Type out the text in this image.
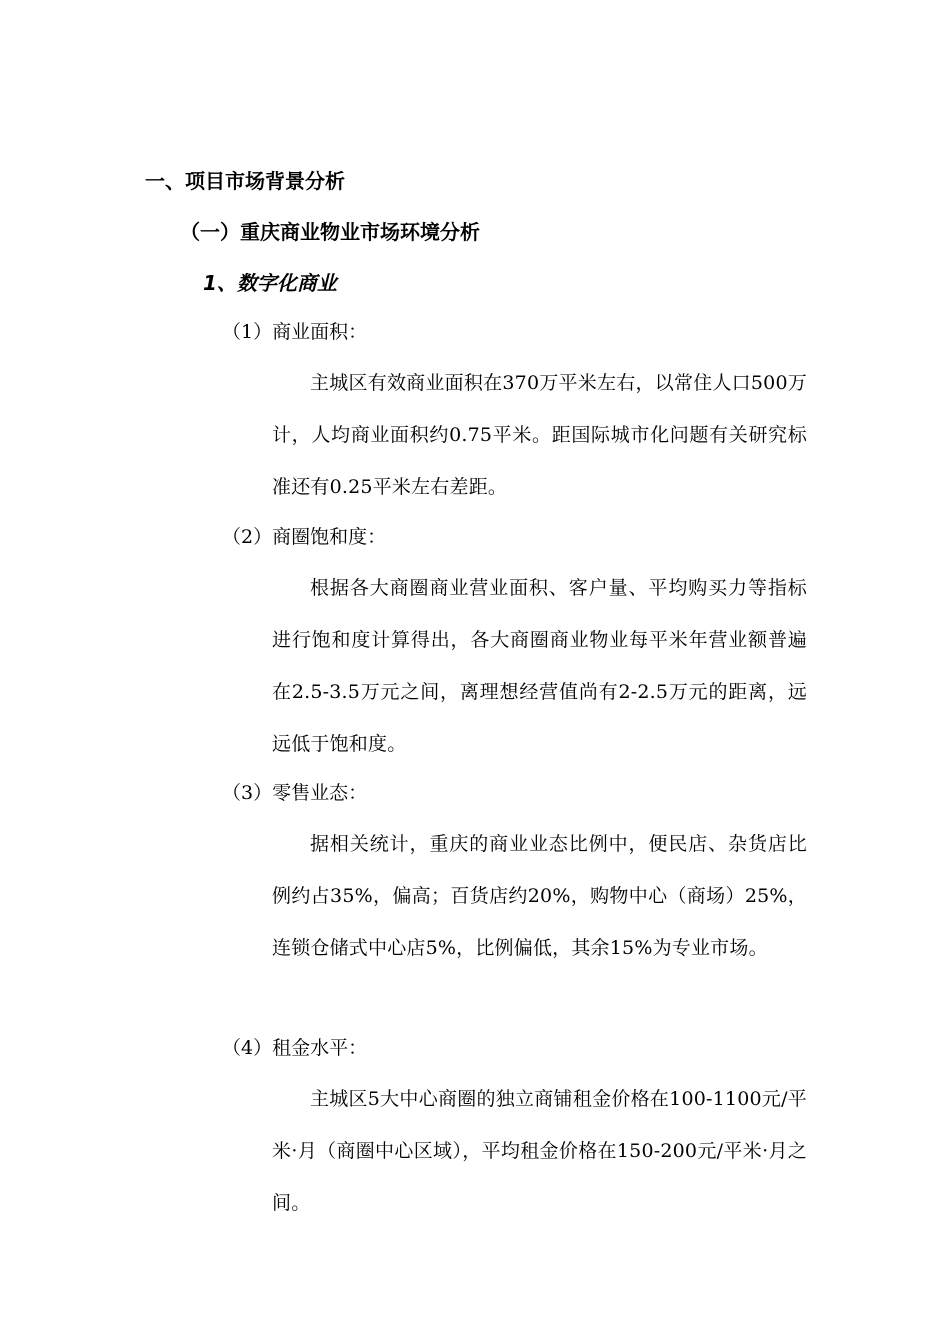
一、项目市场背景分析
（一）重庆商业物业市场环境分析
1、数字化商业
（1）商业面积：
主城区有效商业面积在370万平米左右，以常住人口500万计，人均商业面积约0.75平米。距国际城市化问题有关研究标准还有0.25平米左右差距。
（2）商圈饱和度：
根据各大商圈商业营业面积、客户量、平均购买力等指标进行饱和度计算得出，各大商圈商业物业每平米年营业额普遍在2.5-3.5万元之间，离理想经营值尚有2-2.5万元的距离，远远低于饱和度。
（3）零售业态：
据相关统计，重庆的商业业态比例中，便民店、杂货店比例约占35%，偏高；百货店约20%，购物中心（商场）25%，连锁仓储式中心店5%，比例偏低，其余15%为专业市场。
（4）租金水平：
主城区5大中心商圈的独立商铺租金价格在100-1100元/平米·月（商圈中心区域），平均租金价格在150-200元/平米·月之间。
